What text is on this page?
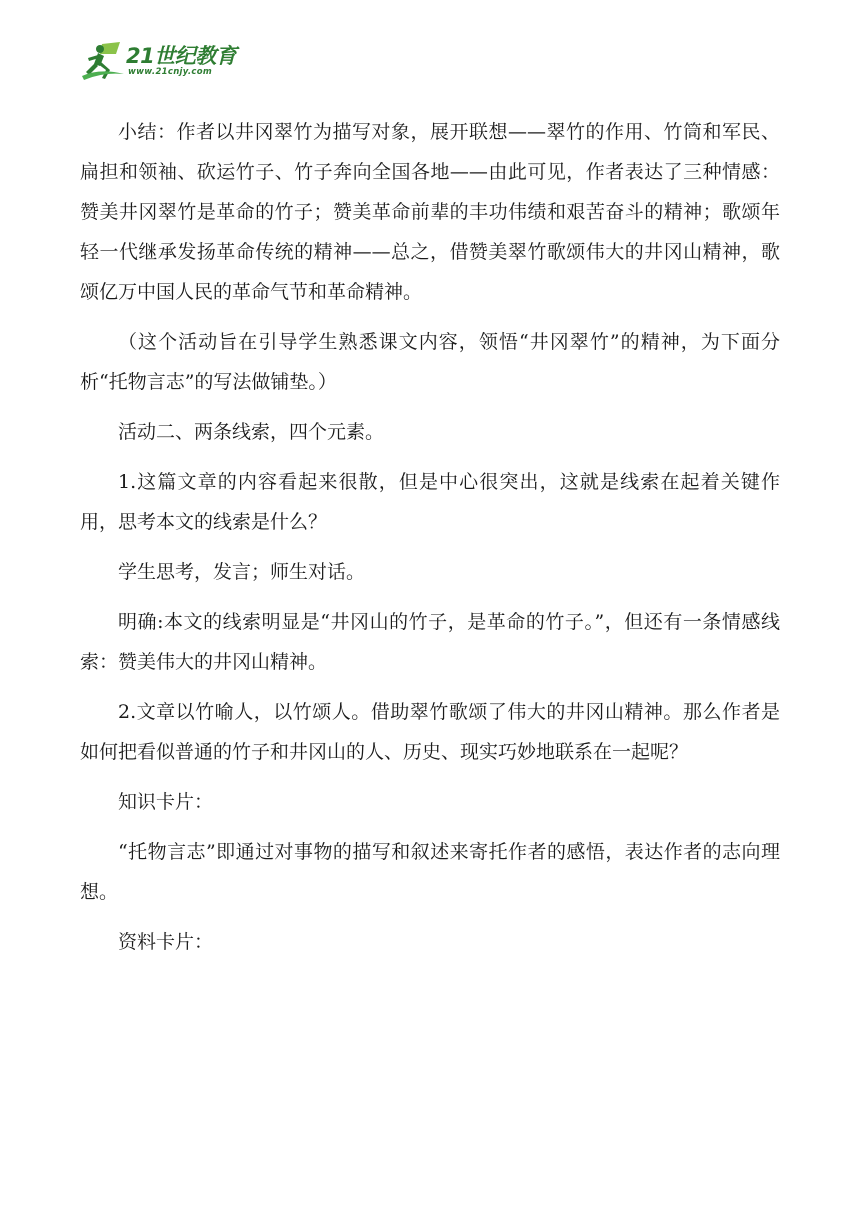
21世纪教育
www.21cnjy.com

小结：作者以井冈翠竹为描写对象，展开联想——翠竹的作用、竹筒和军民、扁担和领袖、砍运竹子、竹子奔向全国各地——由此可见，作者表达了三种情感：赞美井冈翠竹是革命的竹子；赞美革命前辈的丰功伟绩和艰苦奋斗的精神；歌颂年轻一代继承发扬革命传统的精神——总之，借赞美翠竹歌颂伟大的井冈山精神，歌颂亿万中国人民的革命气节和革命精神。

（这个活动旨在引导学生熟悉课文内容，领悟“井冈翠竹”的精神，为下面分析“托物言志”的写法做铺垫。）

活动二、两条线索，四个元素。

1.这篇文章的内容看起来很散，但是中心很突出，这就是线索在起着关键作用，思考本文的线索是什么？

学生思考，发言；师生对话。

明确:本文的线索明显是“井冈山的竹子，是革命的竹子。”，但还有一条情感线索：赞美伟大的井冈山精神。

2.文章以竹喻人，以竹颂人。借助翠竹歌颂了伟大的井冈山精神。那么作者是如何把看似普通的竹子和井冈山的人、历史、现实巧妙地联系在一起呢？

知识卡片：

“托物言志”即通过对事物的描写和叙述来寄托作者的感悟，表达作者的志向理想。

资料卡片：
